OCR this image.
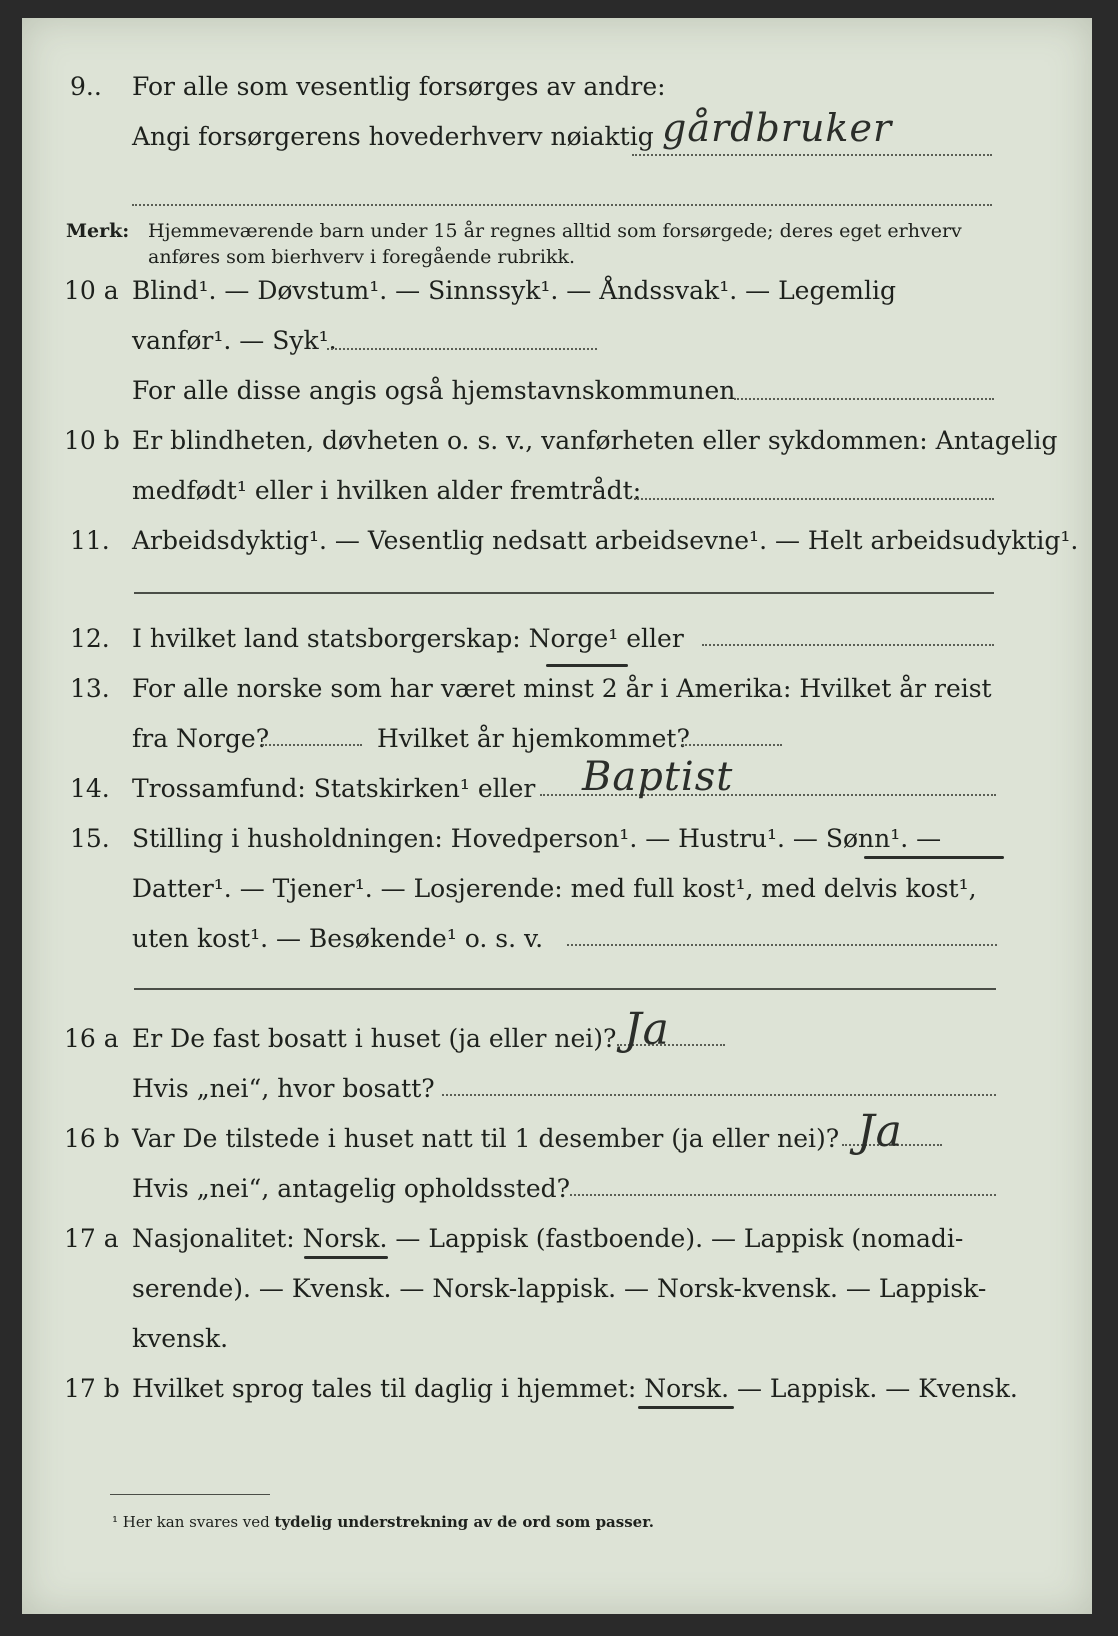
9.. For alle som vesentlig forsørges av andre:
Angi forsørgerens hovederhverv nøiaktig gårdbruker
Merk: Hjemmeværende barn under 15 år regnes alltid som forsørgede; deres eget erhverv
anføres som bierhverv i foregående rubrikk.
10 a Blind¹. — Døvstum¹. — Sinnssyk¹. — Åndssvak¹. — Legemlig
vanfør¹. — Syk¹.
For alle disse angis også hjemstavnskommunen
10 b Er blindheten, døvheten o. s. v., vanførheten eller sykdommen: Antagelig
medfødt¹ eller i hvilken alder fremtrådt:
11. Arbeidsdyktig¹. — Vesentlig nedsatt arbeidsevne¹. — Helt arbeidsudyktig¹.
12. I hvilket land statsborgerskap: Norge¹ eller
13. For alle norske som har været minst 2 år i Amerika: Hvilket år reist
fra Norge?	Hvilket år hjemkommet?
14. Trossamfund: Statskirken¹ eller Baptist
15. Stilling i husholdningen: Hovedperson¹. — Hustru¹. — Sønn¹. —
Datter¹. — Tjener¹. — Losjerende: med full kost¹, med delvis kost¹,
uten kost¹. — Besøkende¹ o. s. v.
16 a Er De fast bosatt i huset (ja eller nei)? Ja
Hvis „nei“, hvor bosatt?
16 b Var De tilstede i huset natt til 1 desember (ja eller nei)? Ja
Hvis „nei“, antagelig opholdssted?
17 a Nasjonalitet: Norsk. — Lappisk (fastboende). — Lappisk (nomadi-
serende). — Kvensk. — Norsk-lappisk. — Norsk-kvensk. — Lappisk-
kvensk.
17 b Hvilket sprog tales til daglig i hjemmet: Norsk. — Lappisk. — Kvensk.
¹ Her kan svares ved tydelig understrekning av de ord som passer.
